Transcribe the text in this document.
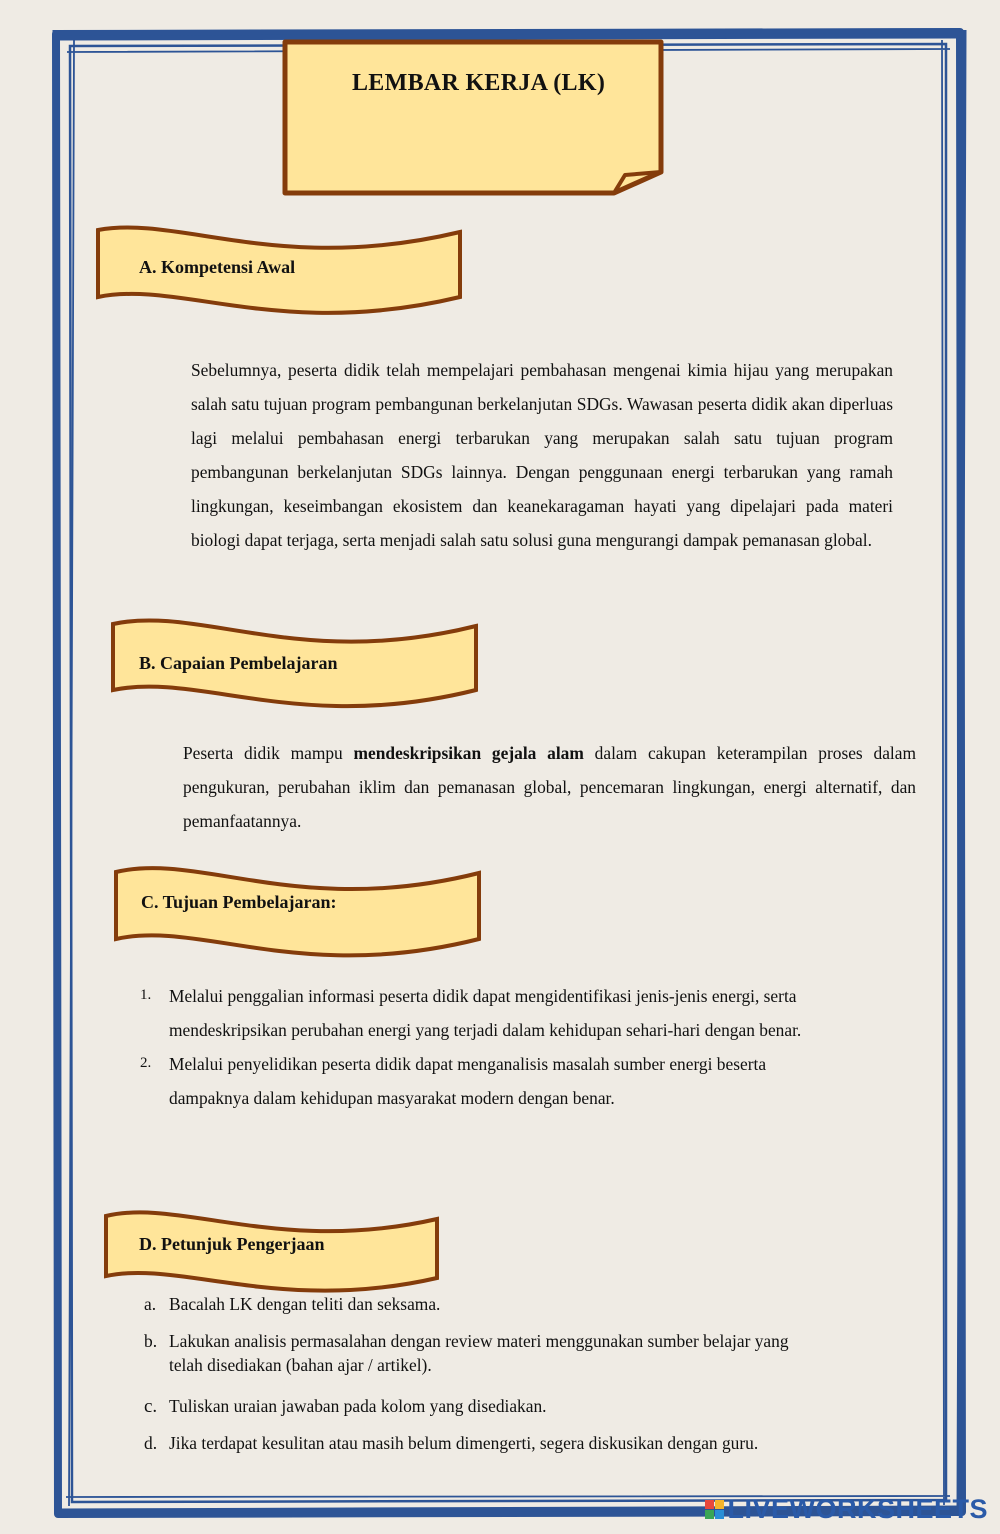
LEMBAR KERJA (LK)
A. Kompetensi Awal
Sebelumnya, peserta didik telah mempelajari pembahasan mengenai kimia hijau yang merupakan salah satu tujuan program pembangunan berkelanjutan SDGs. Wawasan peserta didik akan diperluas lagi melalui pembahasan energi terbarukan yang merupakan salah satu tujuan program pembangunan berkelanjutan SDGs lainnya. Dengan penggunaan energi terbarukan yang ramah lingkungan, keseimbangan ekosistem dan keanekaragaman hayati yang dipelajari pada materi biologi dapat terjaga, serta menjadi salah satu solusi guna mengurangi dampak pemanasan global.
B. Capaian Pembelajaran
Peserta didik mampu mendeskripsikan gejala alam dalam cakupan keterampilan proses dalam pengukuran, perubahan iklim dan pemanasan global, pencemaran lingkungan, energi alternatif, dan pemanfaatannya.
C. Tujuan Pembelajaran:
1. Melalui penggalian informasi peserta didik dapat mengidentifikasi jenis-jenis energi, serta
mendeskripsikan perubahan energi yang terjadi dalam kehidupan sehari-hari dengan benar.
2. Melalui penyelidikan peserta didik dapat menganalisis masalah sumber energi beserta
dampaknya dalam kehidupan masyarakat modern dengan benar.
D. Petunjuk Pengerjaan
a. Bacalah LK dengan teliti dan seksama.
b. Lakukan analisis permasalahan dengan review materi menggunakan sumber belajar yang
telah disediakan (bahan ajar / artikel).
c. Tuliskan uraian jawaban pada kolom yang disediakan.
d. Jika terdapat kesulitan atau masih belum dimengerti, segera diskusikan dengan guru.
LIVEWORKSHEETS
